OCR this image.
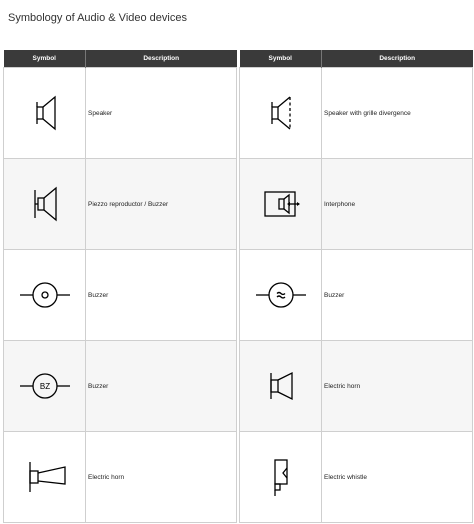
Symbology of Audio & Video devices
Symbol	Description

	Speaker

	Piezzo reproductor / Buzzer

	Buzzer

BZ	Buzzer

	Electric horn
Symbol	Description

	Speaker with grille divergence

	Interphone

	Buzzer

	Electric horn

	Electric whistle
